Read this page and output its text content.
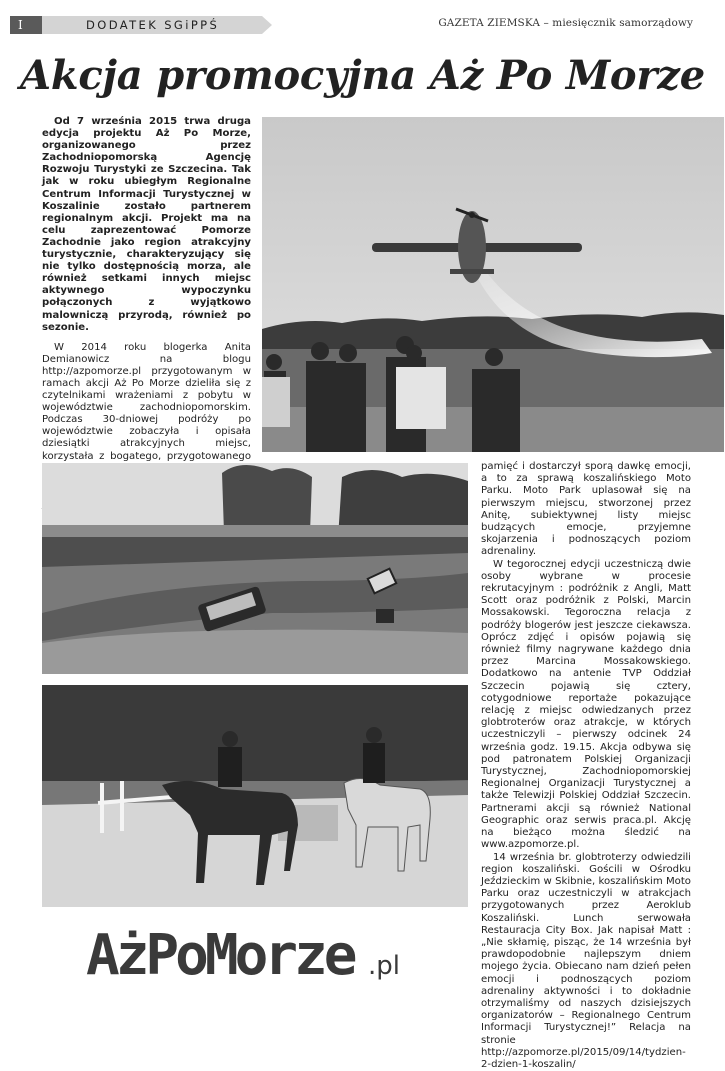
I	DODATEK SGiPPŚ	GAZETA ZIEMSKA – miesięcznik samorządowy
Akcja promocyjna Aż Po Morze

Od 7 września 2015 trwa druga edycja projektu Aż Po Morze, organizowanego przez Zachodniopomorską Agencję Rozwoju Turystyki ze Szczecina. Tak jak w roku ubiegłym Regionalne Centrum Informacji Turystycznej w Koszalinie zostało partnerem regionalnym akcji. Projekt ma na celu zaprezentować Pomorze Zachodnie jako region atrakcyjny turystycznie, charakteryzujący się nie tylko dostępnością morza, ale również setkami innych miejsc aktywnego wypoczynku połączonych z wyjątkowo malowniczą przyrodą, również po sezonie.

W 2014 roku blogerka Anita Demianowicz na blogu http://azpomorze.pl przygotowanym w ramach akcji Aż Po Morze dzieliła się z czytelnikami wrażeniami z pobytu w województwie zachodniopomorskim. Podczas 30-dniowej podróży po województwie zobaczyła i opisała dziesiątki atrakcyjnych miejsc, korzystała z bogatego, przygotowanego

pamięć i dostarczył sporą dawkę emocji, a to za sprawą koszalińskiego Moto Parku. Moto Park uplasował się na pierwszym miejscu, stworzonej przez Anitę, subiektywnej listy miejsc budzących emocje, przyjemne skojarzenia i podnoszących poziom adrenaliny.

W tegorocznej edycji uczestniczą dwie osoby wybrane w procesie rekrutacyjnym : podróżnik z Angli, Matt Scott oraz podróżnik z Polski, Marcin Mossakowski. Tegoroczna relacja z podróży blogerów jest jeszcze ciekawsza. Oprócz zdjęć i opisów pojawią się również filmy nagrywane każdego dnia przez Marcina Mossakowskiego. Dodatkowo na antenie TVP Oddział Szczecin pojawią się cztery, cotygodniowe reportaże pokazujące relację z miejsc odwiedzanych przez globtroterów oraz atrakcje, w których uczestniczyli – pierwszy odcinek 24 września godz. 19.15. Akcja odbywa się pod patronatem Polskiej Organizacji Turystycznej, Zachodniopomorskiej Regionalnej Organizacji Turystycznej a także Telewizji Polskiej Oddział Szczecin. Partnerami akcji są również National Geographic oraz serwis praca.pl. Akcję na bieżąco można śledzić na www.azpomorze.pl.

14 września br. globtroterzy odwiedzili region koszaliński. Gościli w Ośrodku Jeździeckim w Skibnie, koszalińskim Moto Parku oraz uczestniczyli w atrakcjach przygotowanych przez Aeroklub Koszaliński. Lunch serwowała Restauracja City Box. Jak napisał Matt : „Nie skłamię, pisząc, że 14 września był prawdopodobnie najlepszym dniem mojego życia. Obiecano nam dzień pełen emocji i podnoszących poziom adrenaliny aktywności i to dokładnie otrzymaliśmy od naszych dzisiejszych organizatorów – Regionalnego Centrum Informacji Turystycznej!” Relacja na stronie http://azpomorze.pl/2015/09/14/tydzien-2-dzien-1-koszalin/

AżPoMorze .pl
